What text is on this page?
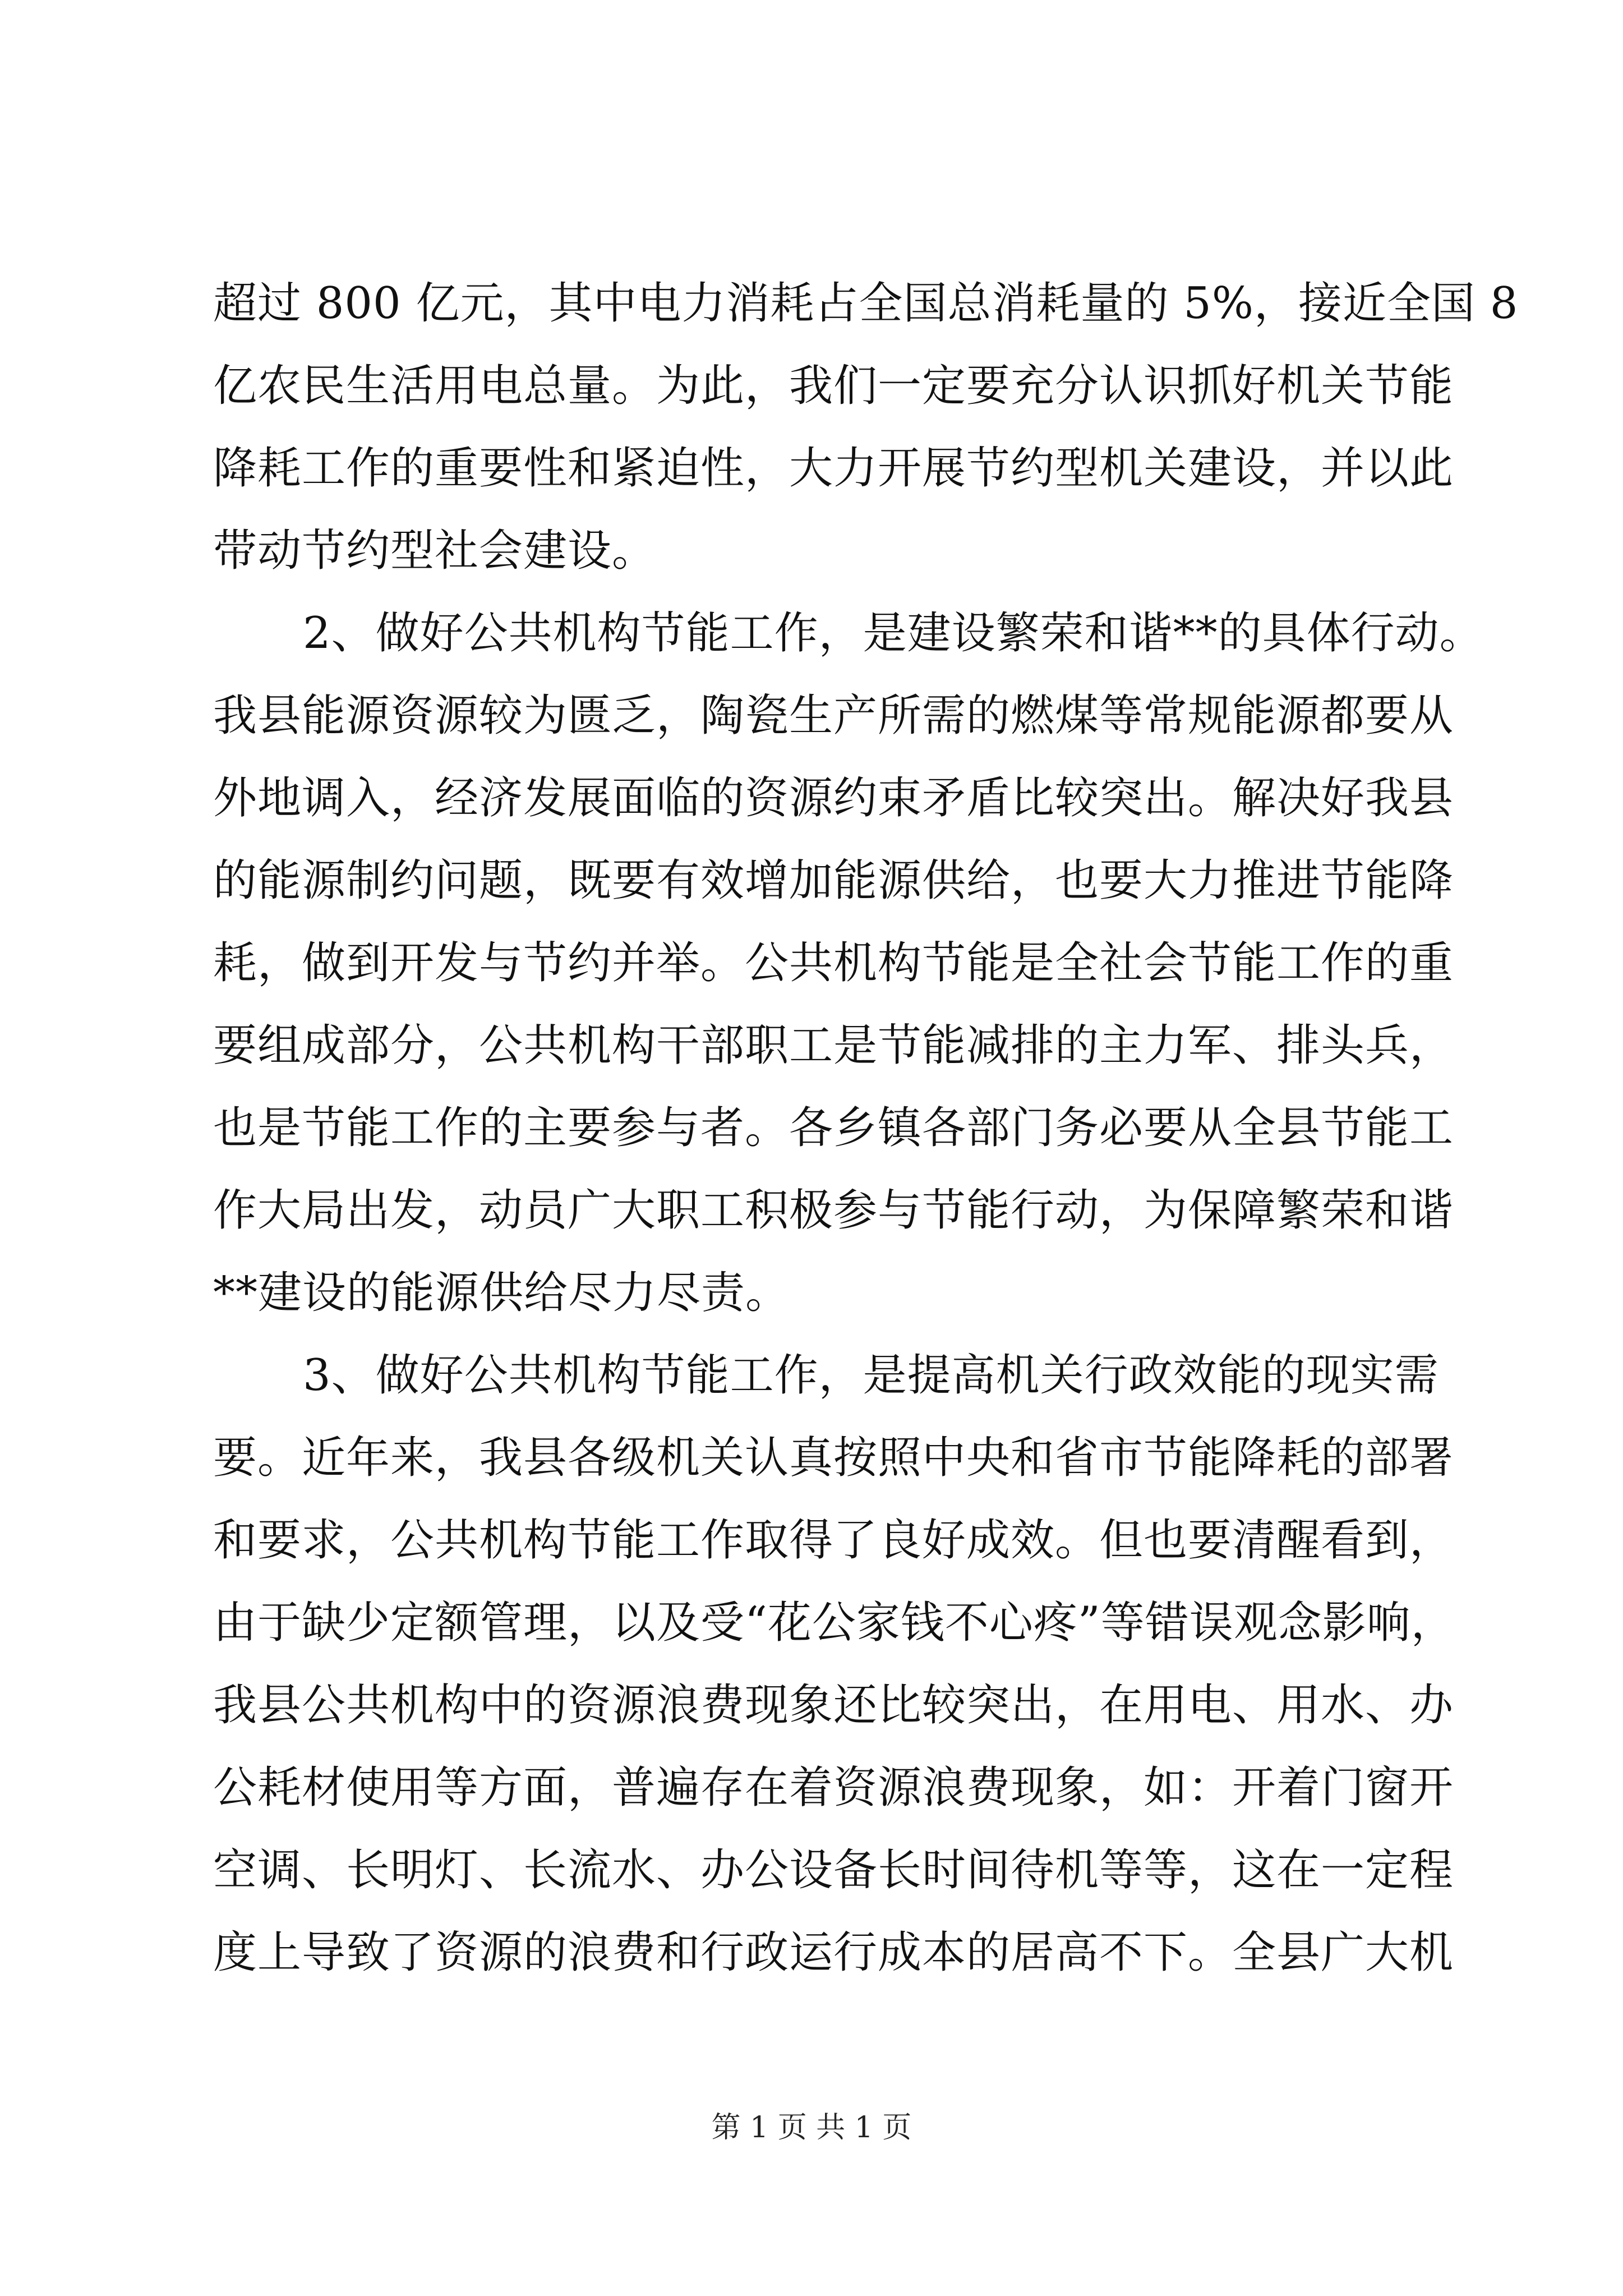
超过 800 亿元，其中电力消耗占全国总消耗量的 5%，接近全国 8
亿农民生活用电总量。为此，我们一定要充分认识抓好机关节能
降耗工作的重要性和紧迫性，大力开展节约型机关建设，并以此
带动节约型社会建设。
2、做好公共机构节能工作，是建设繁荣和谐**的具体行动。
我县能源资源较为匮乏，陶瓷生产所需的燃煤等常规能源都要从
外地调入，经济发展面临的资源约束矛盾比较突出。解决好我县
的能源制约问题，既要有效增加能源供给，也要大力推进节能降
耗，做到开发与节约并举。公共机构节能是全社会节能工作的重
要组成部分，公共机构干部职工是节能减排的主力军、排头兵，
也是节能工作的主要参与者。各乡镇各部门务必要从全县节能工
作大局出发，动员广大职工积极参与节能行动，为保障繁荣和谐
**建设的能源供给尽力尽责。
3、做好公共机构节能工作，是提高机关行政效能的现实需
要。近年来，我县各级机关认真按照中央和省市节能降耗的部署
和要求，公共机构节能工作取得了良好成效。但也要清醒看到，
由于缺少定额管理，以及受“花公家钱不心疼”等错误观念影响，
我县公共机构中的资源浪费现象还比较突出，在用电、用水、办
公耗材使用等方面，普遍存在着资源浪费现象，如：开着门窗开
空调、长明灯、长流水、办公设备长时间待机等等，这在一定程
度上导致了资源的浪费和行政运行成本的居高不下。全县广大机
第 1 页 共 1 页
